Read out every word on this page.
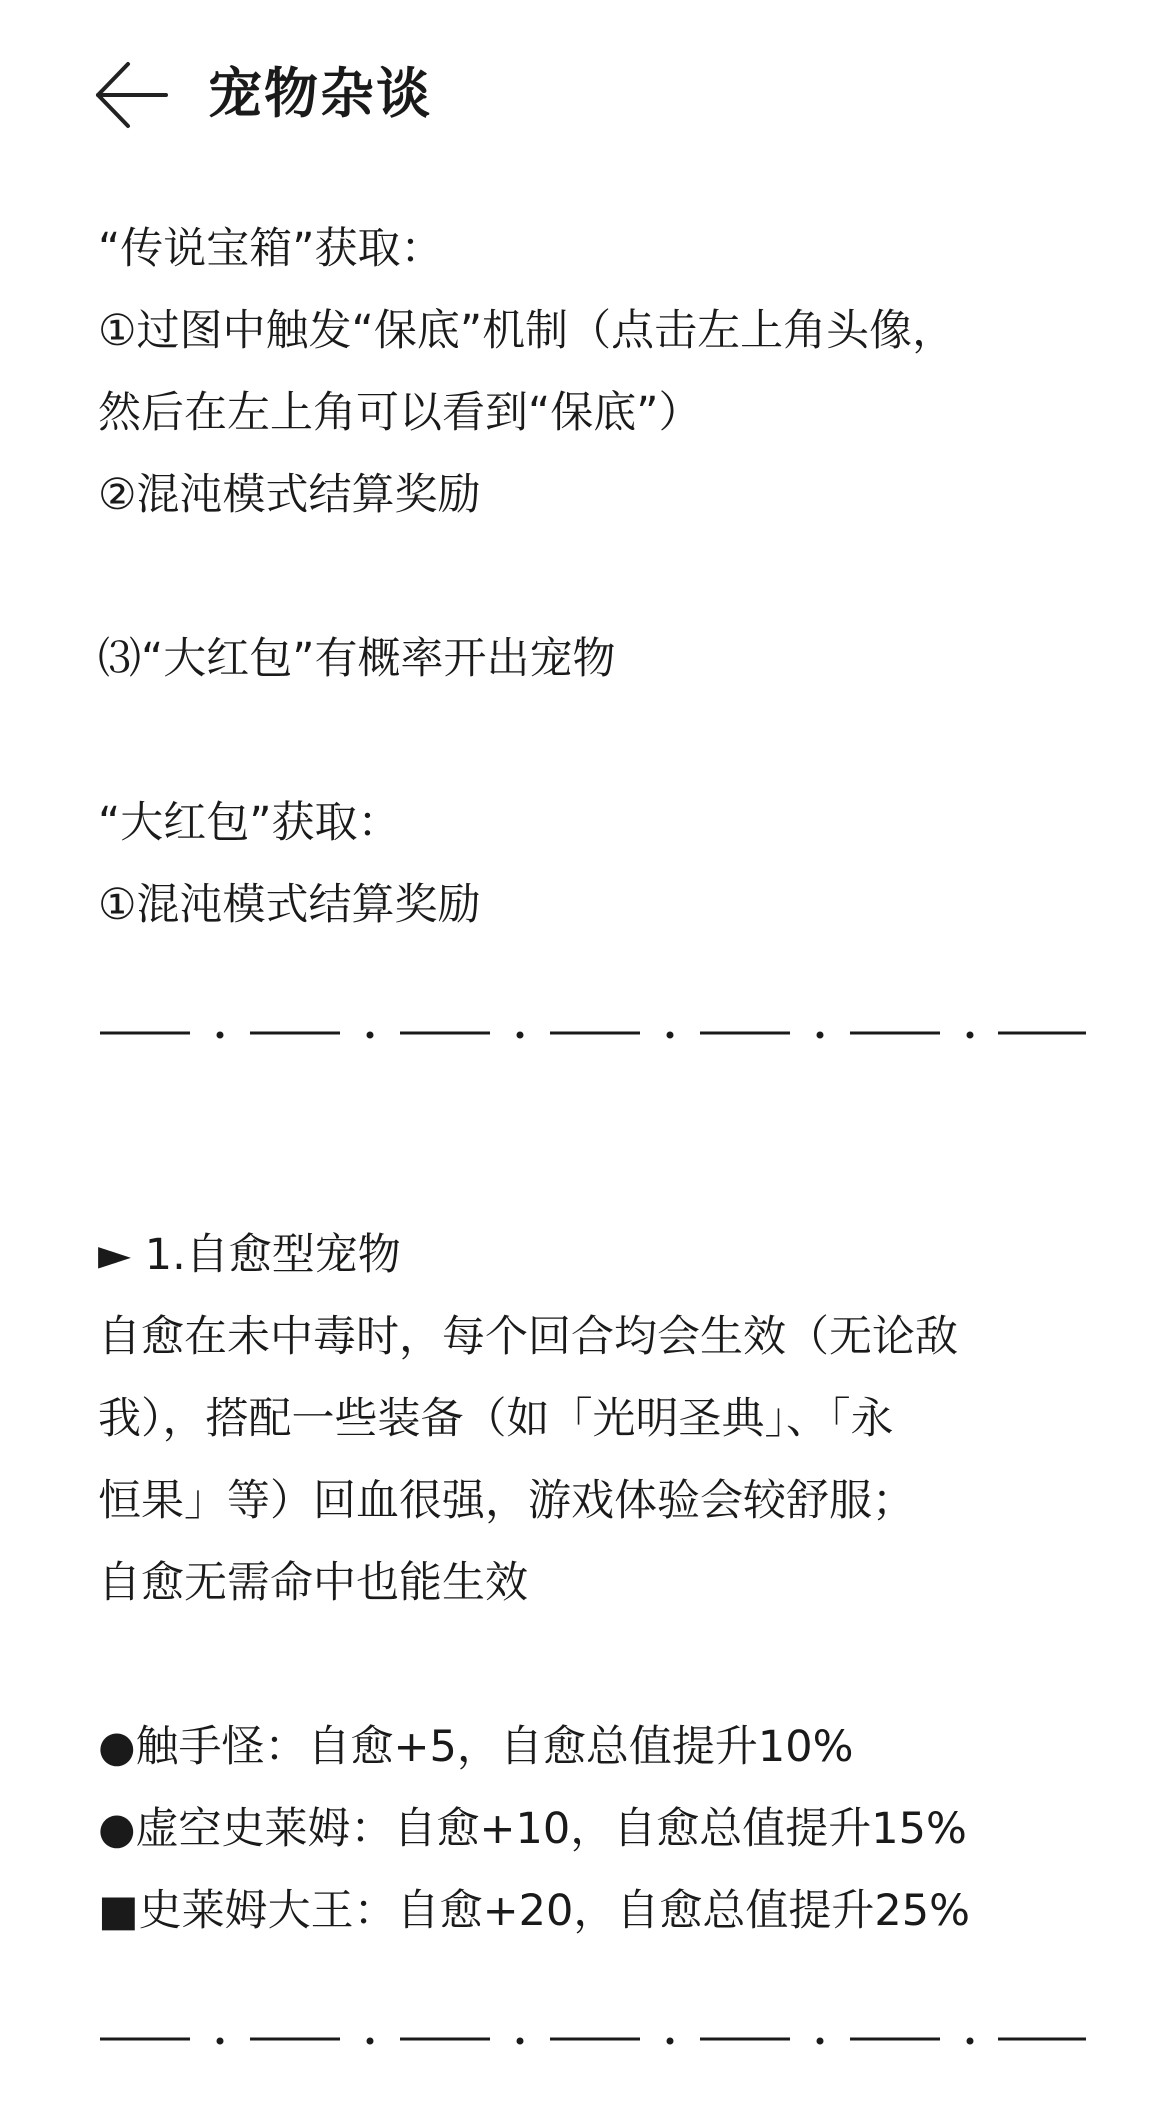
宠物杂谈
“传说宝箱”获取：
①过图中触发“保底”机制（点击左上角头像，
然后在左上角可以看到“保底”）
②混沌模式结算奖励
⑶“大红包”有概率开出宠物
“大红包”获取：
①混沌模式结算奖励
► 1.自愈型宠物
自愈在未中毒时，每个回合均会生效（无论敌
我），搭配一些装备（如「光明圣典」、「永
恒果」等）回血很强，游戏体验会较舒服；
自愈无需命中也能生效
●触手怪：自愈+5，自愈总值提升10%
●虚空史莱姆：自愈+10，自愈总值提升15%
■史莱姆大王：自愈+20，自愈总值提升25%
